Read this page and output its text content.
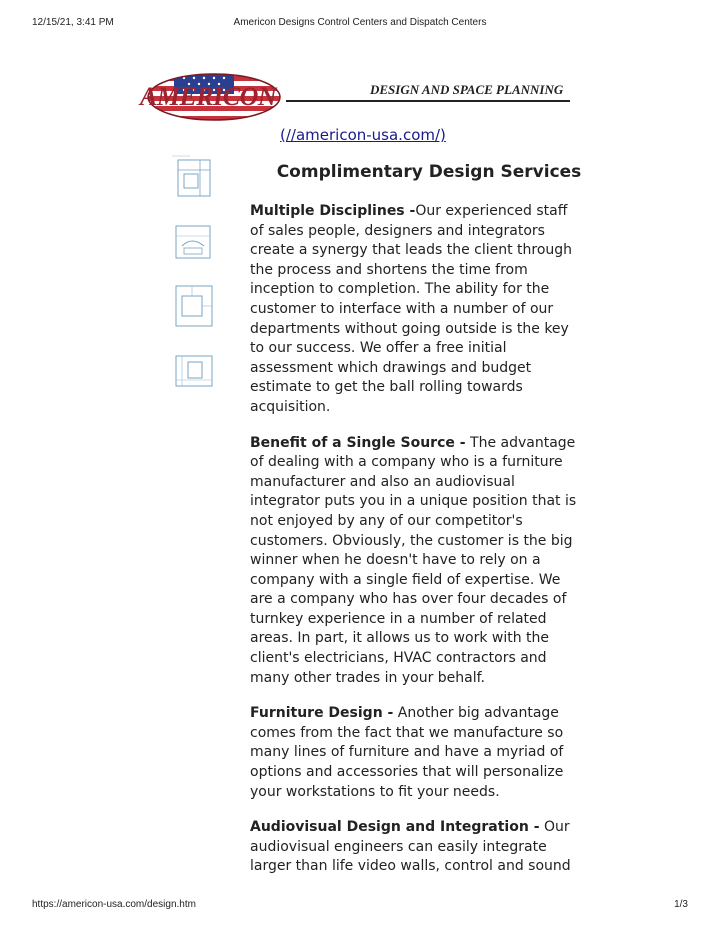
12/15/21, 3:41 PM	Americon Designs Control Centers and Dispatch Centers
AMERICON	DESIGN AND SPACE PLANNING
(//americon-usa.com/)

Complimentary Design Services

Multiple Disciplines -Our experienced staff of sales people, designers and integrators create a synergy that leads the client through the process and shortens the time from inception to completion. The ability for the customer to interface with a number of our departments without going outside is the key to our success. We offer a free initial assessment which drawings and budget estimate to get the ball rolling towards acquisition.

Benefit of a Single Source - The advantage of dealing with a company who is a furniture manufacturer and also an audiovisual integrator puts you in a unique position that is not enjoyed by any of our competitor's customers. Obviously, the customer is the big winner when he doesn't have to rely on a company with a single field of expertise. We are a company who has over four decades of turnkey experience in a number of related areas. In part, it allows us to work with the client's electricians, HVAC contractors and many other trades in your behalf.

Furniture Design - Another big advantage comes from the fact that we manufacture so many lines of furniture and have a myriad of options and accessories that will personalize your workstations to fit your needs.

Audiovisual Design and Integration - Our audiovisual engineers can easily integrate larger than life video walls, control and sound

https://americon-usa.com/design.htm	1/3
